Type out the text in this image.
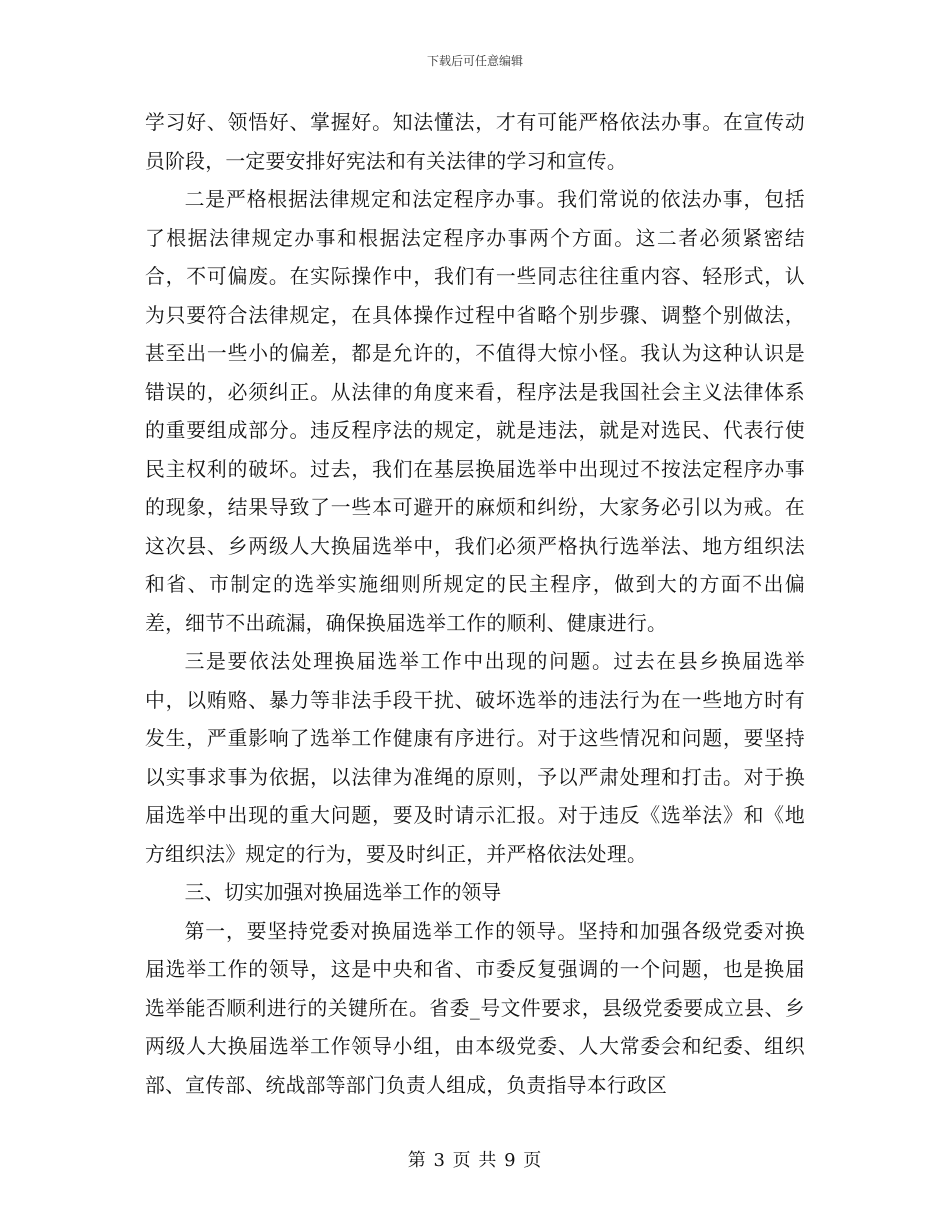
下载后可任意编辑

学习好、领悟好、掌握好。知法懂法，才有可能严格依法办事。在宣传动员阶段，一定要安排好宪法和有关法律的学习和宣传。

二是严格根据法律规定和法定程序办事。我们常说的依法办事，包括了根据法律规定办事和根据法定程序办事两个方面。这二者必须紧密结合，不可偏废。在实际操作中，我们有一些同志往往重内容、轻形式，认为只要符合法律规定，在具体操作过程中省略个别步骤、调整个别做法，甚至出一些小的偏差，都是允许的，不值得大惊小怪。我认为这种认识是错误的，必须纠正。从法律的角度来看，程序法是我国社会主义法律体系的重要组成部分。违反程序法的规定，就是违法，就是对选民、代表行使民主权利的破坏。过去，我们在基层换届选举中出现过不按法定程序办事的现象，结果导致了一些本可避开的麻烦和纠纷，大家务必引以为戒。在这次县、乡两级人大换届选举中，我们必须严格执行选举法、地方组织法和省、市制定的选举实施细则所规定的民主程序，做到大的方面不出偏差，细节不出疏漏，确保换届选举工作的顺利、健康进行。

三是要依法处理换届选举工作中出现的问题。过去在县乡换届选举中，以贿赂、暴力等非法手段干扰、破坏选举的违法行为在一些地方时有发生，严重影响了选举工作健康有序进行。对于这些情况和问题，要坚持以实事求事为依据，以法律为准绳的原则，予以严肃处理和打击。对于换届选举中出现的重大问题，要及时请示汇报。对于违反《选举法》和《地方组织法》规定的行为，要及时纠正，并严格依法处理。

三、切实加强对换届选举工作的领导

第一，要坚持党委对换届选举工作的领导。坚持和加强各级党委对换届选举工作的领导，这是中央和省、市委反复强调的一个问题，也是换届选举能否顺利进行的关键所在。省委_号文件要求，县级党委要成立县、乡两级人大换届选举工作领导小组，由本级党委、人大常委会和纪委、组织部、宣传部、统战部等部门负责人组成，负责指导本行政区

第 3 页 共 9 页
